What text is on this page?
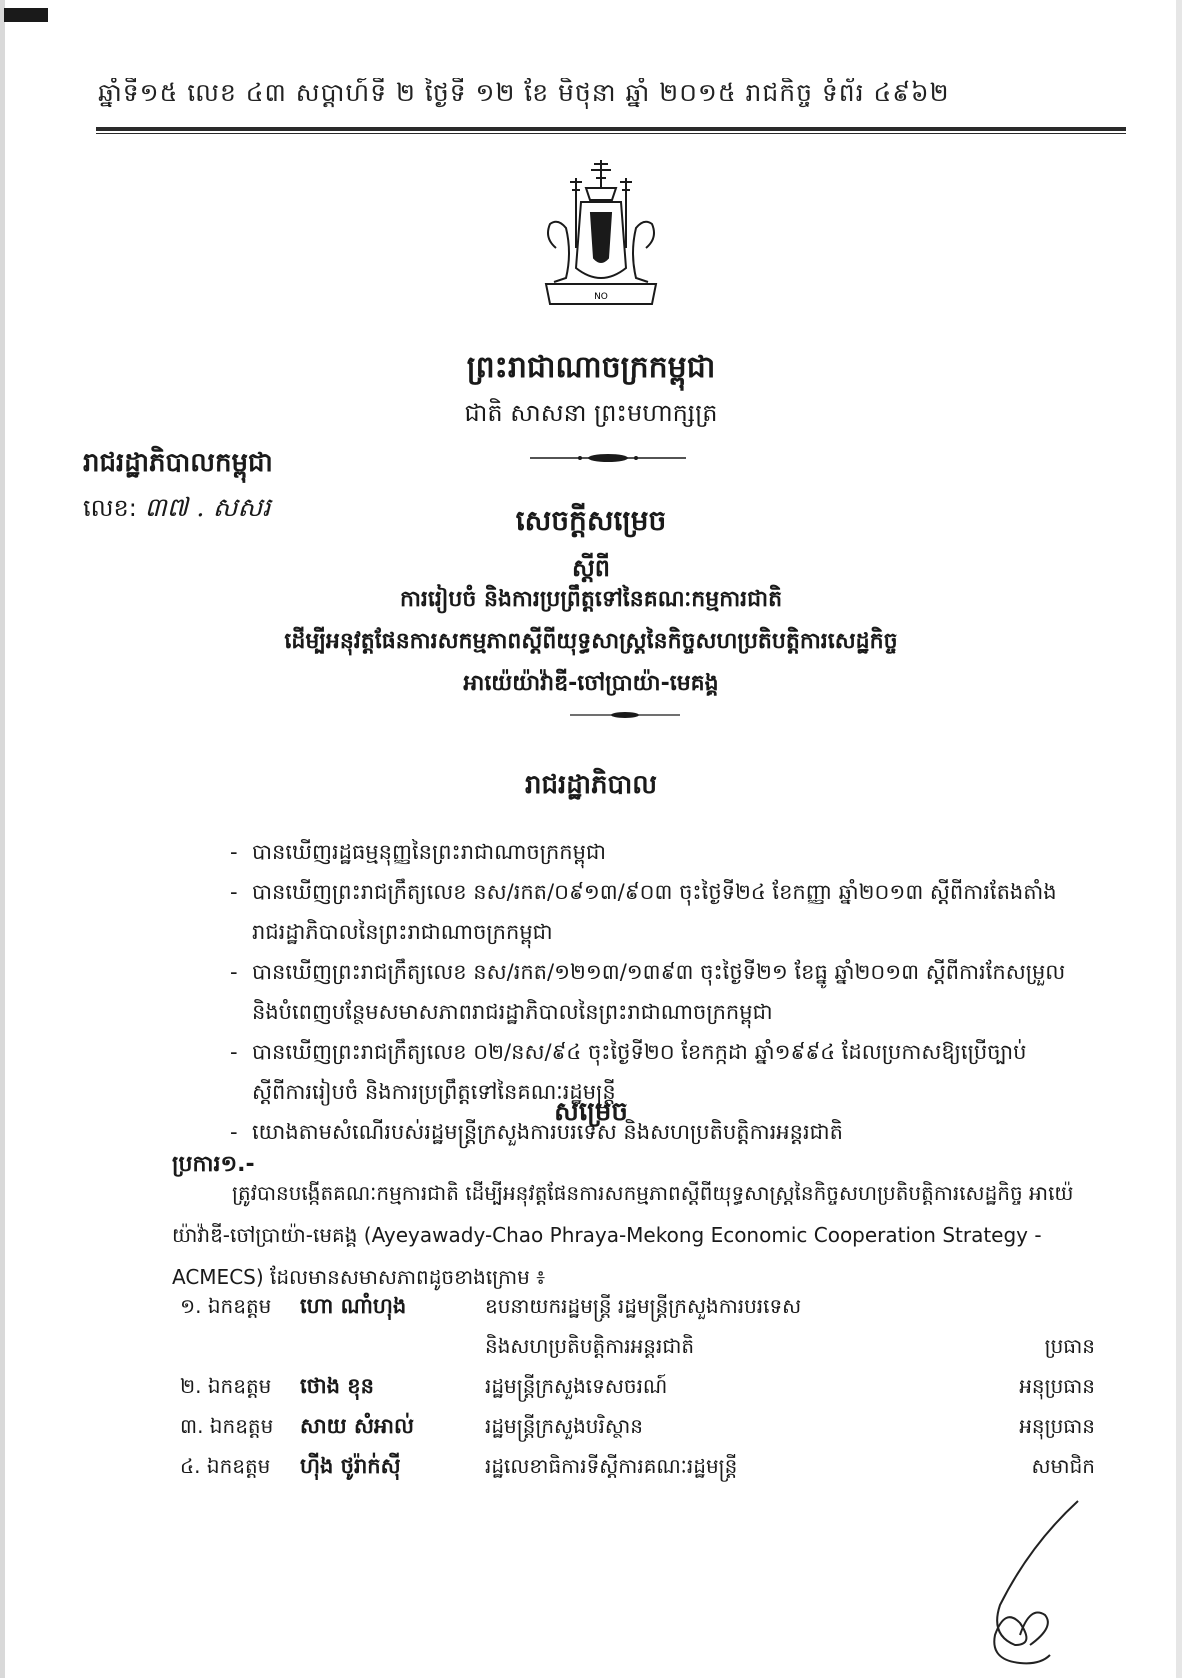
ឆ្នាំទី១៥ លេខ ៤៣ សប្តាហ៍ទី ២ ថ្ងៃទី ១២ ខែ មិថុនា ឆ្នាំ ២០១៥ រាជកិច្ច ទំព័រ ៤៩៦២
NO
ព្រះរាជាណាចក្រកម្ពុជា
ជាតិ សាសនា ព្រះមហាក្សត្រ
រាជរដ្ឋាភិបាលកម្ពុជា
លេខ: ៣៧ . សសរ	សេចក្តីសម្រេច
ស្តីពី
ការរៀបចំ និងការប្រព្រឹត្តទៅនៃគណៈកម្មការជាតិ
ដើម្បីអនុវត្តផែនការសកម្មភាពស្តីពីយុទ្ធសាស្ត្រនៃកិច្ចសហប្រតិបត្តិការសេដ្ឋកិច្ច
អាយ៉េយ៉ាវ៉ាឌី-ចៅប្រាយ៉ា-មេគង្គ
រាជរដ្ឋាភិបាល
- បានឃើញរដ្ឋធម្មនុញ្ញនៃព្រះរាជាណាចក្រកម្ពុជា
- បានឃើញព្រះរាជក្រឹត្យលេខ នស/រកត/០៩១៣/៩០៣ ចុះថ្ងៃទី២៤ ខែកញ្ញា ឆ្នាំ២០១៣ ស្តីពីការតែងតាំង
រាជរដ្ឋាភិបាលនៃព្រះរាជាណាចក្រកម្ពុជា
- បានឃើញព្រះរាជក្រឹត្យលេខ នស/រកត/១២១៣/១៣៩៣ ចុះថ្ងៃទី២១ ខែធ្នូ ឆ្នាំ២០១៣ ស្តីពីការកែសម្រួល
និងបំពេញបន្ថែមសមាសភាពរាជរដ្ឋាភិបាលនៃព្រះរាជាណាចក្រកម្ពុជា
- បានឃើញព្រះរាជក្រឹត្យលេខ ០២/នស/៩៤ ចុះថ្ងៃទី២០ ខែកក្កដា ឆ្នាំ១៩៩៤ ដែលប្រកាសឱ្យប្រើច្បាប់
ស្តីពីការរៀបចំ និងការប្រព្រឹត្តទៅនៃគណៈរដ្ឋមន្ត្រី
- យោងតាមសំណើរបស់រដ្ឋមន្ត្រីក្រសួងការបរទេស និងសហប្រតិបត្តិការអន្តរជាតិ
សម្រេច
ប្រការ១.-
ត្រូវបានបង្កើតគណៈកម្មការជាតិ ដើម្បីអនុវត្តផែនការសកម្មភាពស្តីពីយុទ្ធសាស្ត្រនៃកិច្ចសហប្រតិបត្តិការសេដ្ឋកិច្ច អាយ៉េយ៉ាវ៉ាឌី-ចៅប្រាយ៉ា-មេគង្គ (Ayeyawady-Chao Phraya-Mekong Economic Cooperation Strategy - ACMECS) ដែលមានសមាសភាពដូចខាងក្រោម ៖
១. ឯកឧត្តម	ហោ ណាំហុង	ឧបនាយករដ្ឋមន្ត្រី រដ្ឋមន្ត្រីក្រសួងការបរទេស	
		និងសហប្រតិបត្តិការអន្តរជាតិ	ប្រធាន
២. ឯកឧត្តម	ថោង ខុន	រដ្ឋមន្ត្រីក្រសួងទេសចរណ៍	អនុប្រធាន
៣. ឯកឧត្តម	សាយ សំអាល់	រដ្ឋមន្ត្រីក្រសួងបរិស្ថាន	អនុប្រធាន
៤. ឯកឧត្តម	ហ៊ីង ថូរ៉ាក់ស៊ី	រដ្ឋលេខាធិការទីស្តីការគណៈរដ្ឋមន្ត្រី	សមាជិក
